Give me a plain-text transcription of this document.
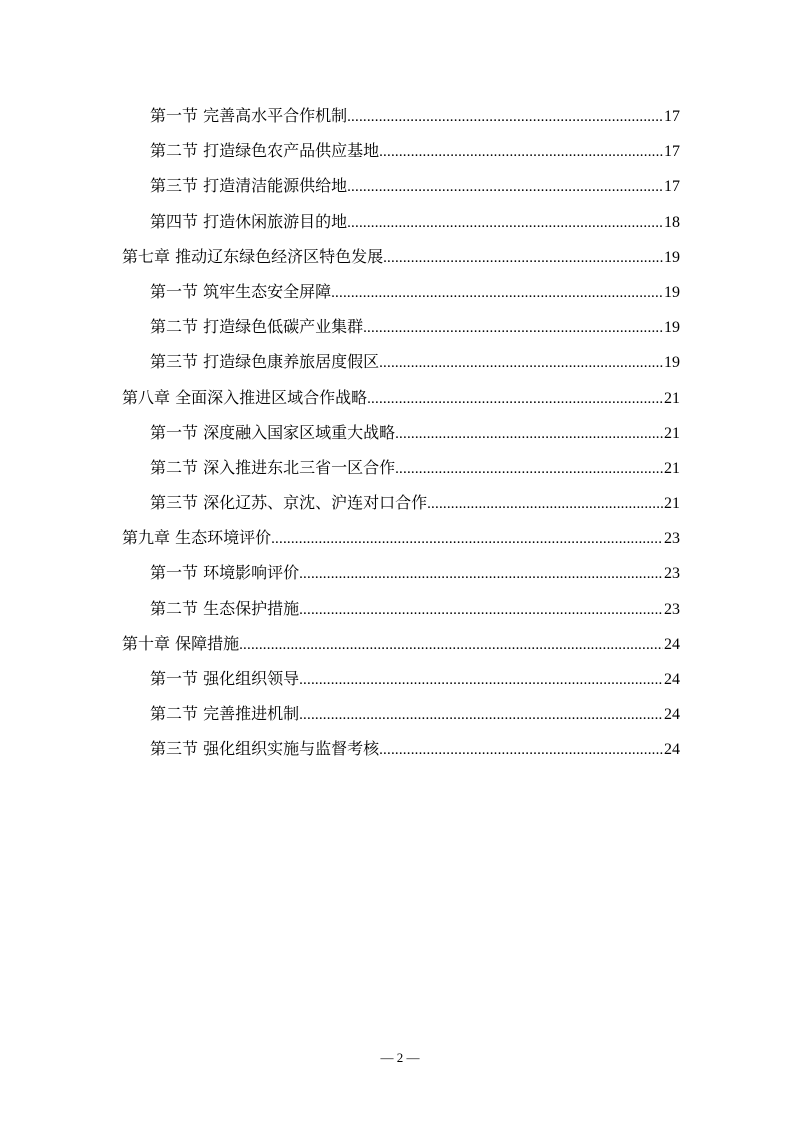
第一节 完善高水平合作机制 .....	17
第二节 打造绿色农产品供应基地 .....	17
第三节 打造清洁能源供给地 .....	17
第四节 打造休闲旅游目的地 .....	18
第七章 推动辽东绿色经济区特色发展 .....	19
第一节 筑牢生态安全屏障 .....	19
第二节 打造绿色低碳产业集群 .....	19
第三节 打造绿色康养旅居度假区 .....	19
第八章 全面深入推进区域合作战略 .....	21
第一节 深度融入国家区域重大战略 .....	21
第二节 深入推进东北三省一区合作 .....	21
第三节 深化辽苏、京沈、沪连对口合作 .....	21
第九章 生态环境评价 .....	23
第一节 环境影响评价 .....	23
第二节 生态保护措施 .....	23
第十章 保障措施 .....	24
第一节 强化组织领导 .....	24
第二节 完善推进机制 .....	24
第三节 强化组织实施与监督考核 .....	24
— 2 —
